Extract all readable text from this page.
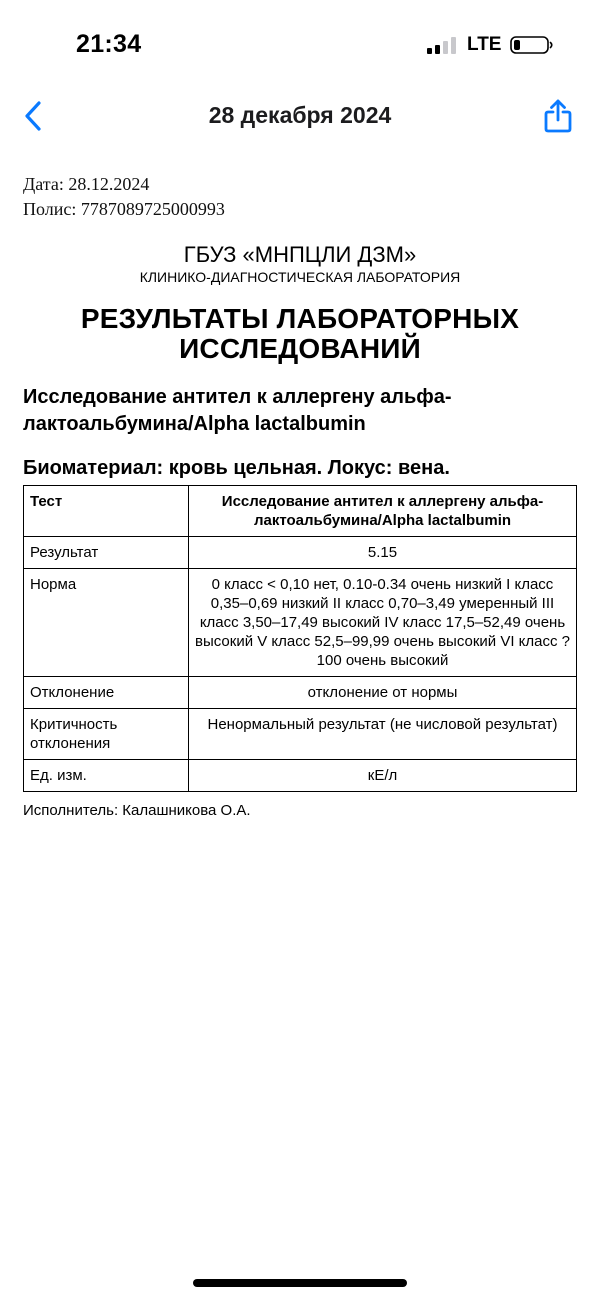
21:34	LTE
28 декабря 2024
Дата: 28.12.2024
Полис: 7787089725000993
ГБУЗ «МНПЦЛИ ДЗМ»
КЛИНИКО-ДИАГНОСТИЧЕСКАЯ ЛАБОРАТОРИЯ
РЕЗУЛЬТАТЫ ЛАБОРАТОРНЫХ ИССЛЕДОВАНИЙ
Исследование антител к аллергену альфа-лактоальбумина/Alpha lactalbumin
Биоматериал: кровь цельная. Локус: вена.
Тест	Исследование антител к аллергену альфа-лактоальбумина/Alpha lactalbumin
Результат	5.15
Норма	0 класс < 0,10 нет, 0.10-0.34 очень низкий I класс 0,35–0,69 низкий II класс 0,70–3,49 умеренный III класс 3,50–17,49 высокий IV класс 17,5–52,49 очень высокий V класс 52,5–99,99 очень высокий VI класс ? 100 очень высокий
Отклонение	отклонение от нормы
Критичность отклонения	Ненормальный результат (не числовой результат)
Ед. изм.	кЕ/л
Исполнитель: Калашникова О.А.
